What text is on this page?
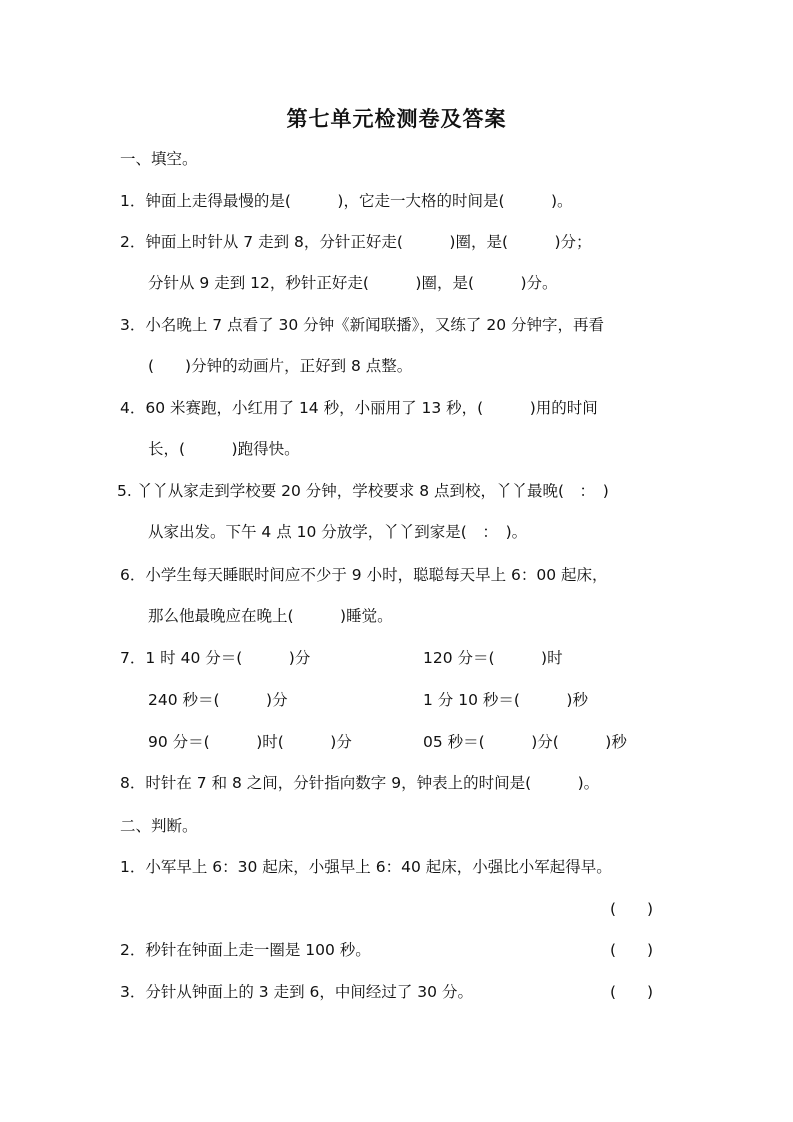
第七单元检测卷及答案
一、填空。
1．钟面上走得最慢的是(　　　)，它走一大格的时间是(　　　)。
2．钟面上时针从 7 走到 8，分针正好走(　　　)圈，是(　　　)分；
分针从 9 走到 12，秒针正好走(　　　)圈，是(　　　)分。
3．小名晚上 7 点看了 30 分钟《新闻联播》，又练了 20 分钟字，再看
(　　)分钟的动画片，正好到 8 点整。
4．60 米赛跑，小红用了 14 秒，小丽用了 13 秒，(　　　)用的时间
长，(　　　)跑得快。
5. 丫丫从家走到学校要 20 分钟，学校要求 8 点到校，丫丫最晚(　：　)
从家出发。下午 4 点 10 分放学，丫丫到家是(　：　)。
6．小学生每天睡眠时间应不少于 9 小时，聪聪每天早上 6：00 起床，
那么他最晚应在晚上(　　　)睡觉。
7．1 时 40 分＝(　　　)分	120 分＝(　　　)时
240 秒＝(　　　)分	1 分 10 秒＝(　　　)秒
90 分＝(　　　)时(　　　)分	05 秒＝(　　　)分(　　　)秒
8．时针在 7 和 8 之间，分针指向数字 9，钟表上的时间是(　　　)。
二、判断。
1．小军早上 6：30 起床，小强早上 6：40 起床，小强比小军起得早。
(　　)
2．秒针在钟面上走一圈是 100 秒。	(　　)
3．分针从钟面上的 3 走到 6，中间经过了 30 分。	(　　)
